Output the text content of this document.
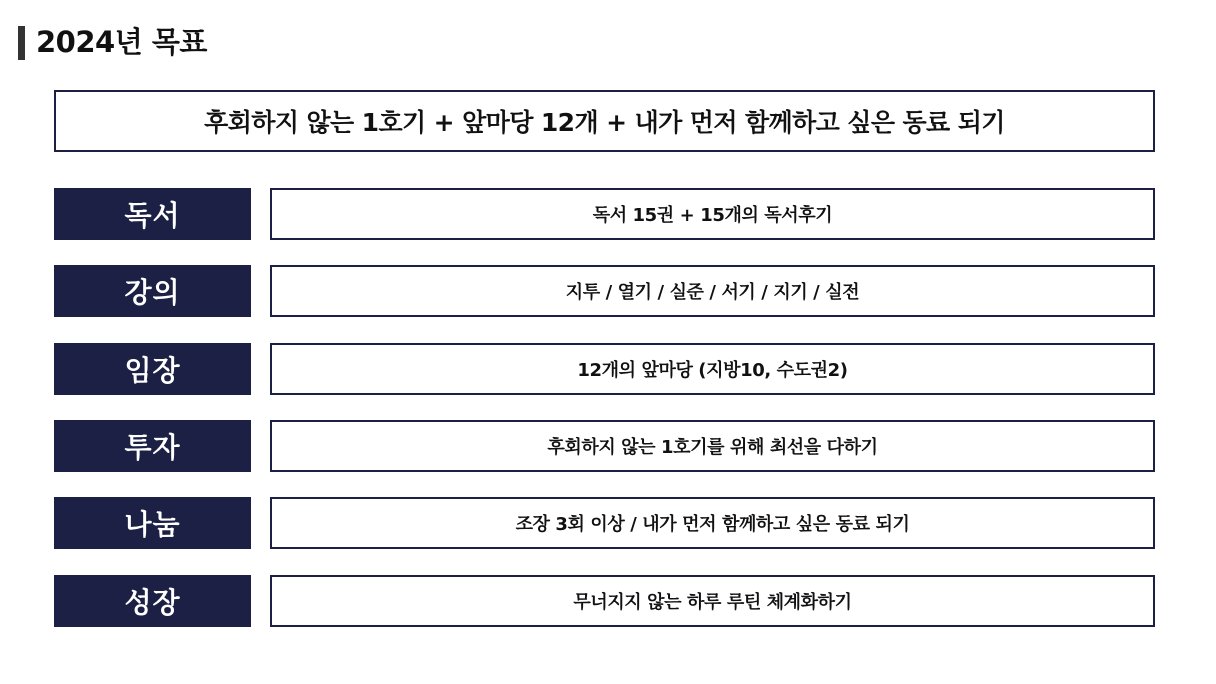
2024년 목표
후회하지 않는 1호기 + 앞마당 12개 + 내가 먼저 함께하고 싶은 동료 되기
독서	독서 15권 + 15개의 독서후기
강의	지투 / 열기 / 실준 / 서기 / 지기 / 실전
임장	12개의 앞마당 (지방10, 수도권2)
투자	후회하지 않는 1호기를 위해 최선을 다하기
나눔	조장 3회 이상 / 내가 먼저 함께하고 싶은 동료 되기
성장	무너지지 않는 하루 루틴 체계화하기
